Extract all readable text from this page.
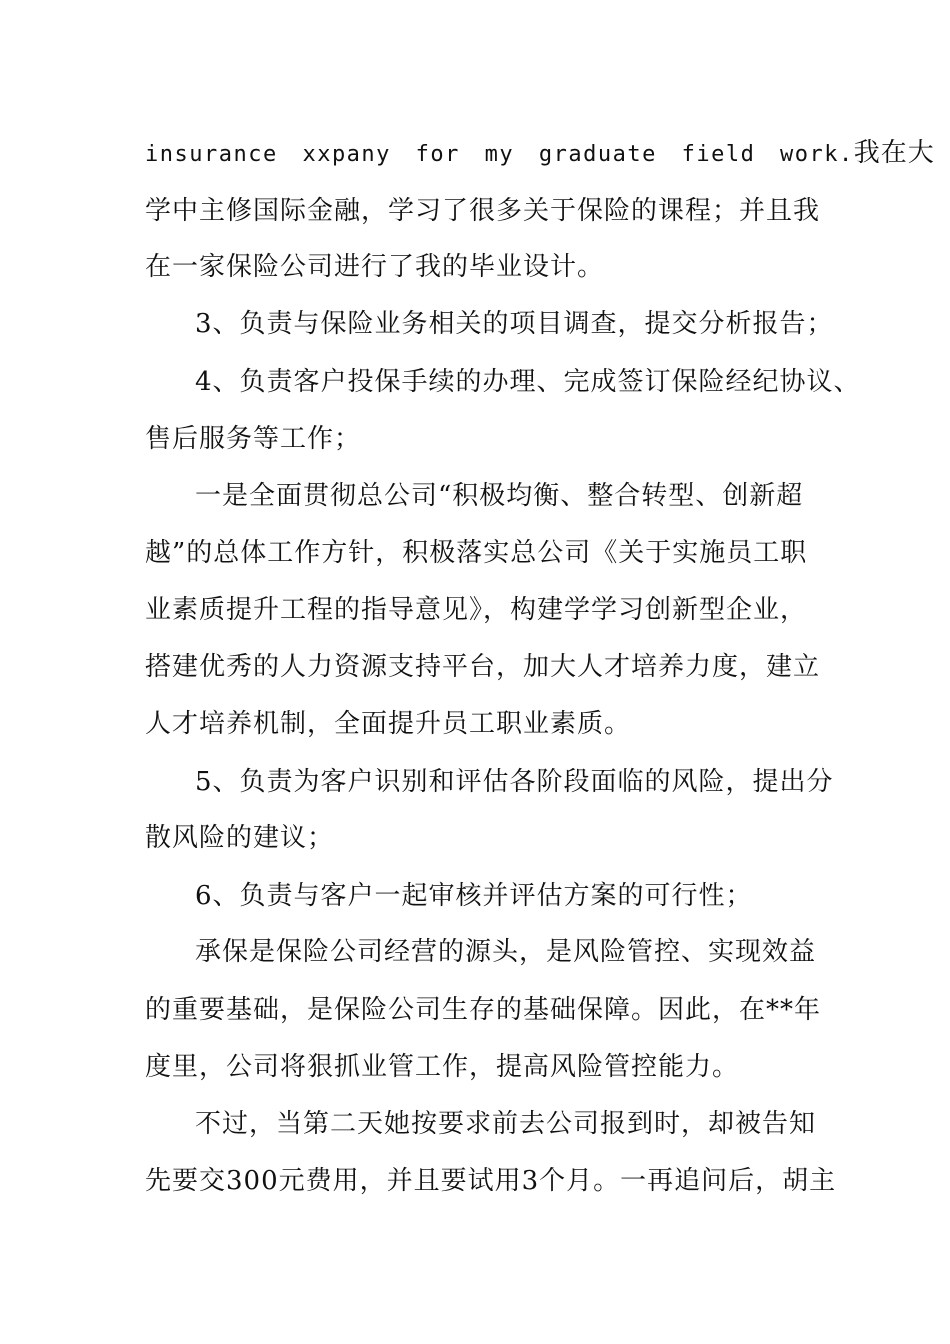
insurance xxpany for my graduate field work.我在大
学中主修国际金融，学习了很多关于保险的课程；并且我
在一家保险公司进行了我的毕业设计。
3、负责与保险业务相关的项目调查，提交分析报告；
4、负责客户投保手续的办理、完成签订保险经纪协议、
售后服务等工作；
一是全面贯彻总公司“积极均衡、整合转型、创新超
越”的总体工作方针，积极落实总公司《关于实施员工职
业素质提升工程的指导意见》，构建学学习创新型企业，
搭建优秀的人力资源支持平台，加大人才培养力度，建立
人才培养机制，全面提升员工职业素质。
5、负责为客户识别和评估各阶段面临的风险，提出分
散风险的建议；
6、负责与客户一起审核并评估方案的可行性；
承保是保险公司经营的源头，是风险管控、实现效益
的重要基础，是保险公司生存的基础保障。因此，在**年
度里，公司将狠抓业管工作，提高风险管控能力。
不过，当第二天她按要求前去公司报到时，却被告知
先要交300元费用，并且要试用3个月。一再追问后，胡主
